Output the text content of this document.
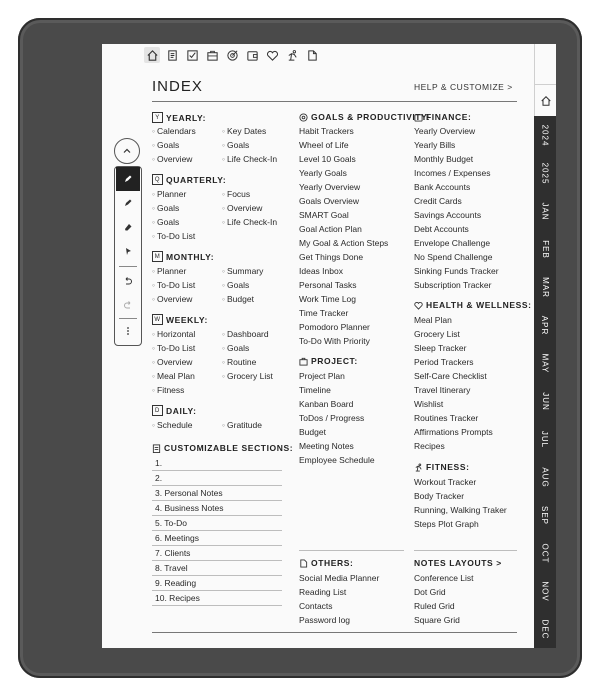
2024
2025
JAN
FEB
MAR
APR
MAY
JUN
JUL
AUG
SEP
OCT
NOV
DEC
INDEX	HELP & CUSTOMIZE >
Y YEARLY:
◦ Calendars
◦ Goals
◦ Overview
◦ Key Dates
◦ Goals
◦ Life Check-In
Q QUARTERLY:
◦ Planner
◦ Goals
◦ Goals
◦ To-Do List
◦ Focus
◦ Overview
◦ Life Check-In
M MONTHLY:
◦ Planner
◦ To-Do List
◦ Overview
◦ Summary
◦ Goals
◦ Budget
W WEEKLY:
◦ Horizontal
◦ To-Do List
◦ Overview
◦ Meal Plan
◦ Fitness
◦ Dashboard
◦ Goals
◦ Routine
◦ Grocery List
D DAILY:
◦ Schedule	◦ Gratitude
CUSTOMIZABLE SECTIONS:
1.
2.
3. Personal Notes
4. Business Notes
5. To-Do
6. Meetings
7. Clients
8. Travel
9. Reading
10. Recipes
GOALS & PRODUCTIVITY:
Habit Trackers
Wheel of Life
Level 10 Goals
Yearly Goals
Yearly Overview
Goals Overview
SMART Goal
Goal Action Plan
My Goal & Action Steps
Get Things Done
Ideas Inbox
Personal Tasks
Work Time Log
Time Tracker
Pomodoro Planner
To-Do With Priority
PROJECT:
Project Plan
Timeline
Kanban Board
ToDos / Progress
Budget
Meeting Notes
Employee Schedule
OTHERS:
Social Media Planner
Reading List
Contacts
Password log
FINANCE:
Yearly Overview
Yearly Bills
Monthly Budget
Incomes / Expenses
Bank Accounts
Credit Cards
Savings Accounts
Debt Accounts
Envelope Challenge
No Spend Challenge
Sinking Funds Tracker
Subscription Tracker
HEALTH & WELLNESS:
Meal Plan
Grocery List
Sleep Tracker
Period Trackers
Self-Care Checklist
Travel Itinerary
Wishlist
Routines Tracker
Affirmations Prompts
Recipes
FITNESS:
Workout Tracker
Body Tracker
Running, Walking Traker
Steps Plot Graph
NOTES LAYOUTS >
Conference List
Dot Grid
Ruled Grid
Square Grid
